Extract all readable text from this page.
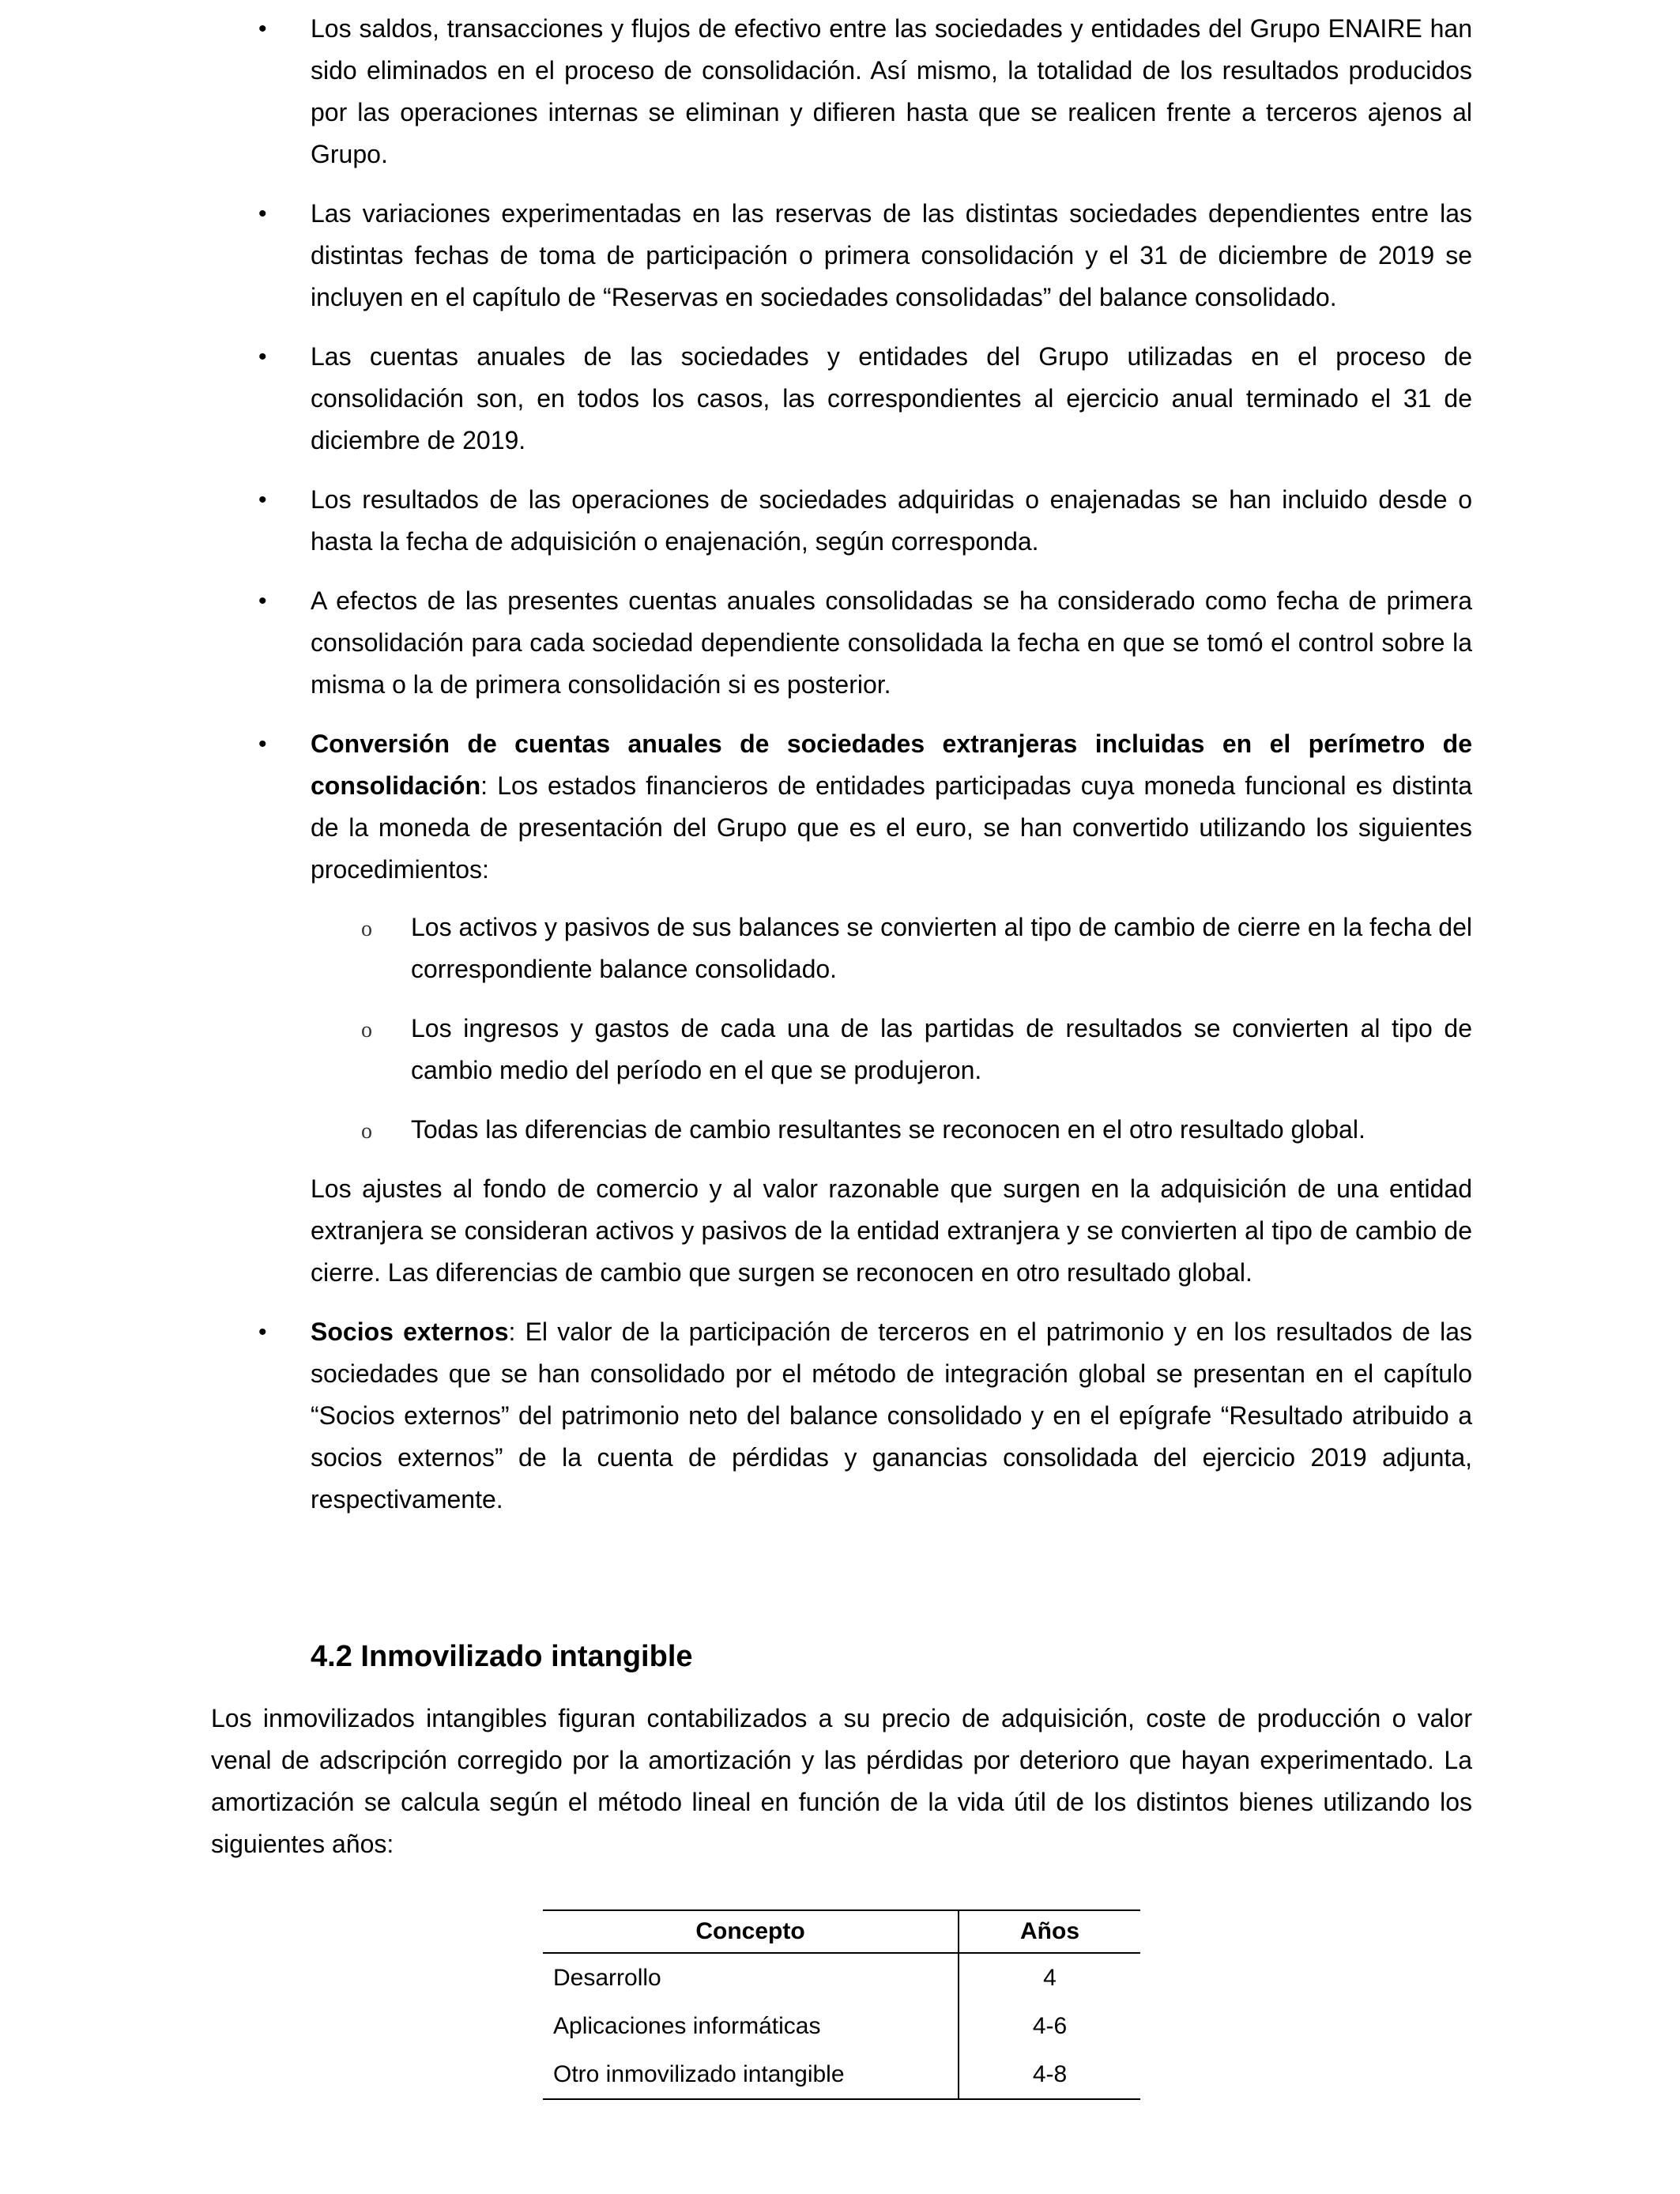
• Los saldos, transacciones y flujos de efectivo entre las sociedades y entidades del Grupo ENAIRE han sido eliminados en el proceso de consolidación. Así mismo, la totalidad de los resultados producidos por las operaciones internas se eliminan y difieren hasta que se realicen frente a terceros ajenos al Grupo.
• Las variaciones experimentadas en las reservas de las distintas sociedades dependientes entre las distintas fechas de toma de participación o primera consolidación y el 31 de diciembre de 2019 se incluyen en el capítulo de “Reservas en sociedades consolidadas” del balance consolidado.
• Las cuentas anuales de las sociedades y entidades del Grupo utilizadas en el proceso de consolidación son, en todos los casos, las correspondientes al ejercicio anual terminado el 31 de diciembre de 2019.
• Los resultados de las operaciones de sociedades adquiridas o enajenadas se han incluido desde o hasta la fecha de adquisición o enajenación, según corresponda.
• A efectos de las presentes cuentas anuales consolidadas se ha considerado como fecha de primera consolidación para cada sociedad dependiente consolidada la fecha en que se tomó el control sobre la misma o la de primera consolidación si es posterior.
• Conversión de cuentas anuales de sociedades extranjeras incluidas en el perímetro de consolidación: Los estados financieros de entidades participadas cuya moneda funcional es distinta de la moneda de presentación del Grupo que es el euro, se han convertido utilizando los siguientes procedimientos:
o Los activos y pasivos de sus balances se convierten al tipo de cambio de cierre en la fecha del correspondiente balance consolidado.
o Los ingresos y gastos de cada una de las partidas de resultados se convierten al tipo de cambio medio del período en el que se produjeron.
o Todas las diferencias de cambio resultantes se reconocen en el otro resultado global.

Los ajustes al fondo de comercio y al valor razonable que surgen en la adquisición de una entidad extranjera se consideran activos y pasivos de la entidad extranjera y se convierten al tipo de cambio de cierre. Las diferencias de cambio que surgen se reconocen en otro resultado global.

• Socios externos: El valor de la participación de terceros en el patrimonio y en los resultados de las sociedades que se han consolidado por el método de integración global se presentan en el capítulo “Socios externos” del patrimonio neto del balance consolidado y en el epígrafe “Resultado atribuido a socios externos” de la cuenta de pérdidas y ganancias consolidada del ejercicio 2019 adjunta, respectivamente.
4.2 Inmovilizado intangible

Los inmovilizados intangibles figuran contabilizados a su precio de adquisición, coste de producción o valor venal de adscripción corregido por la amortización y las pérdidas por deterioro que hayan experimentado. La amortización se calcula según el método lineal en función de la vida útil de los distintos bienes utilizando los siguientes años:

Concepto	Años
Desarrollo	4
Aplicaciones informáticas	4-6
Otro inmovilizado intangible	4-8
